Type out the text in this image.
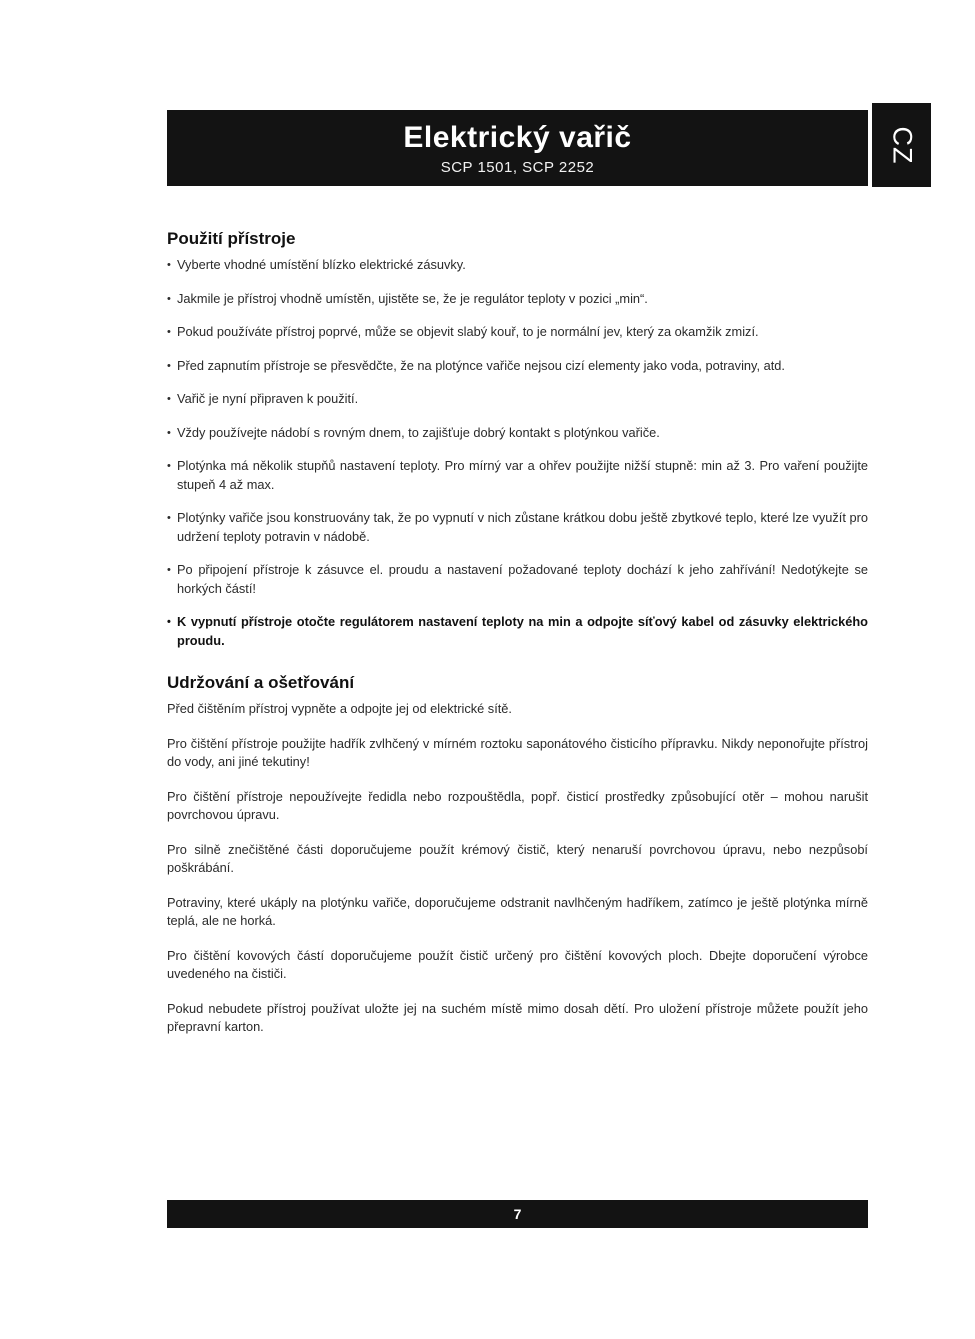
Elektrický vařič
SCP 1501, SCP 2252
CZ
Použití přístroje
• Vyberte vhodné umístění blízko elektrické zásuvky.
• Jakmile je přístroj vhodně umístěn, ujistěte se, že je regulátor teploty v pozici „min“.
• Pokud používáte přístroj poprvé, může se objevit slabý kouř, to je normální jev, který za okamžik zmizí.
• Před zapnutím přístroje se přesvědčte, že na plotýnce vařiče nejsou cizí elementy jako voda, potraviny, atd.
• Vařič je nyní připraven k použití.
• Vždy používejte nádobí s rovným dnem, to zajišťuje dobrý kontakt s plotýnkou vařiče.
• Plotýnka má několik stupňů nastavení teploty. Pro mírný var a ohřev použijte nižší stupně: min až 3. Pro vaření použijte stupeň 4 až max.
• Plotýnky vařiče jsou konstruovány tak, že po vypnutí v nich zůstane krátkou dobu ještě zbytkové teplo, které lze využít pro udržení teploty potravin v nádobě.
• Po připojení přístroje k zásuvce el. proudu a nastavení požadované teploty dochází k jeho zahřívání! Nedotýkejte se horkých částí!
• K vypnutí přístroje otočte regulátorem nastavení teploty na min a odpojte síťový kabel od zásuvky elektrického proudu.
Udržování a ošetřování

Před čištěním přístroj vypněte a odpojte jej od elektrické sítě.

Pro čištění přístroje použijte hadřík zvlhčený v mírném roztoku saponátového čisticího přípravku. Nikdy neponořujte přístroj do vody, ani jiné tekutiny!

Pro čištění přístroje nepoužívejte ředidla nebo rozpouštědla, popř. čisticí prostředky způsobující otěr – mohou narušit povrchovou úpravu.

Pro silně znečištěné části doporučujeme použít krémový čistič, který nenaruší povrchovou úpravu, nebo nezpůsobí poškrábání.

Potraviny, které ukáply na plotýnku vařiče, doporučujeme odstranit navlhčeným hadříkem, zatímco je ještě plotýnka mírně teplá, ale ne horká.

Pro čištění kovových částí doporučujeme použít čistič určený pro čištění kovových ploch. Dbejte doporučení výrobce uvedeného na čističi.

Pokud nebudete přístroj používat uložte jej na suchém místě mimo dosah dětí. Pro uložení přístroje můžete použít jeho přepravní karton.

7
